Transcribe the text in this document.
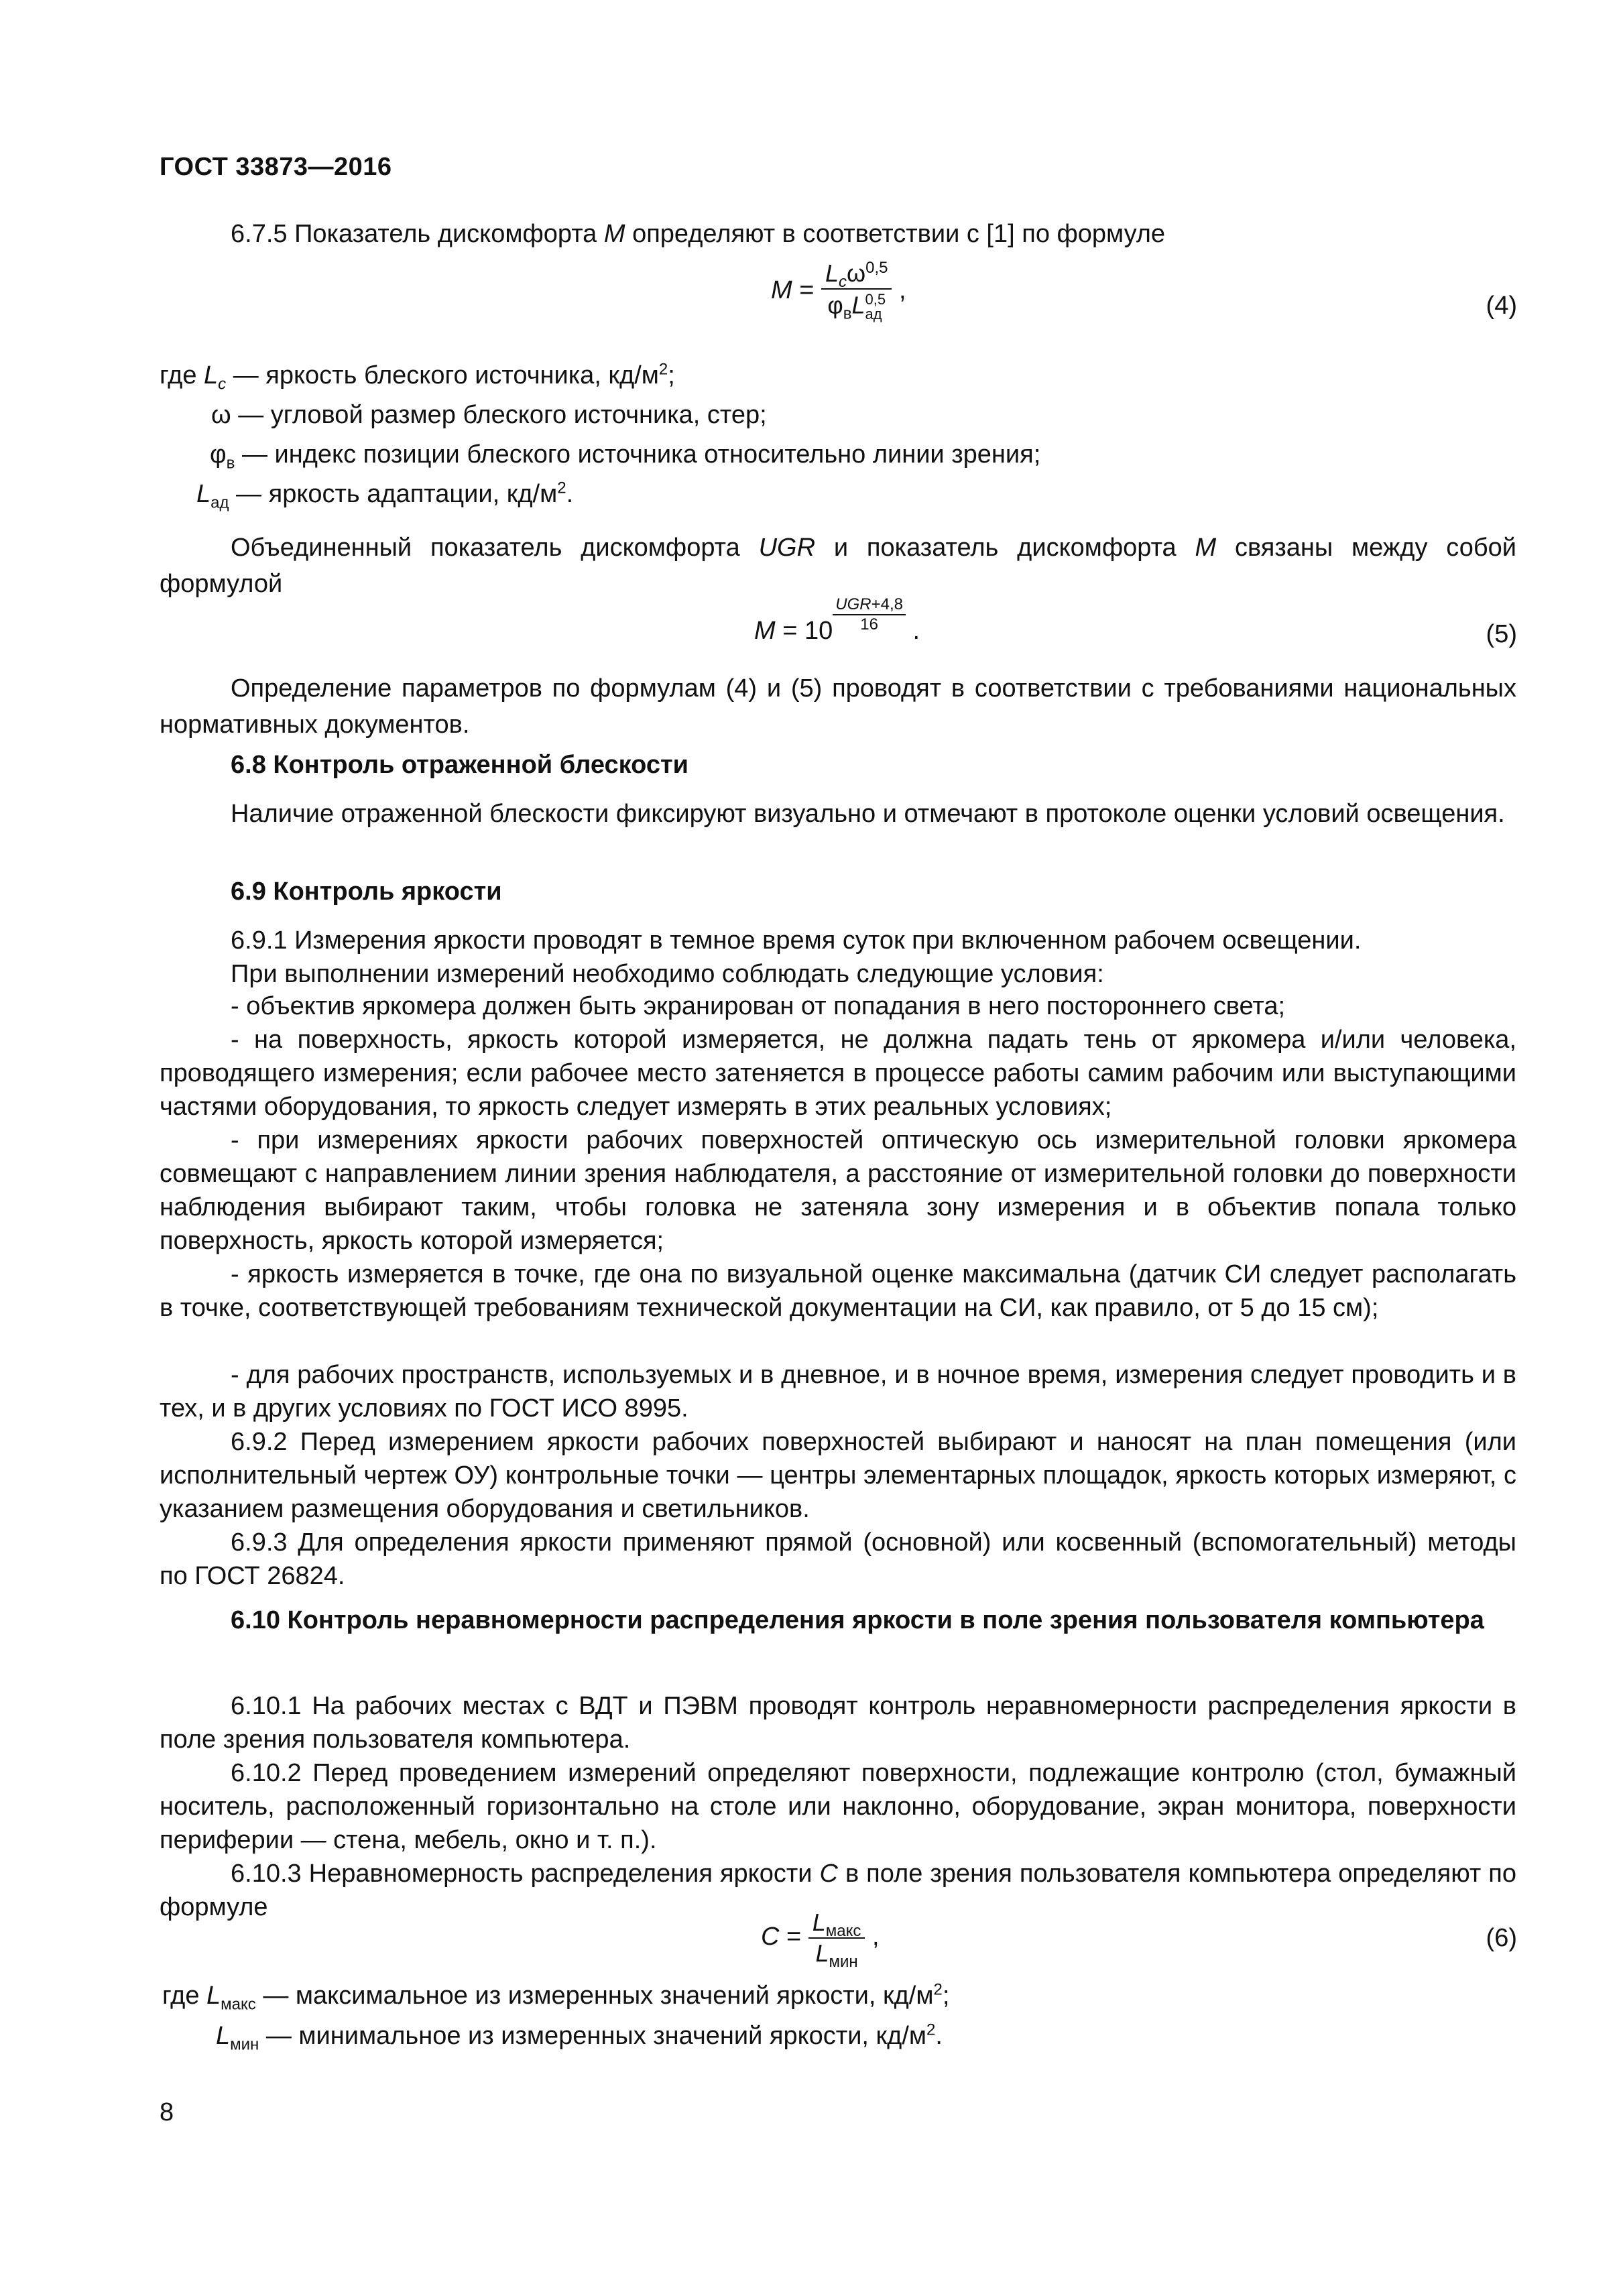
ГОСТ 33873—2016
6.7.5 Показатель дискомфорта M определяют в соответствии с [1] по формуле
$M = L_c\omega^{0,5}$
$\varphi_вL$ 0,5
ад ,
(4)
где $L_c$ — яркость блеского источника, $кд/м^2$;
ω — угловой размер блеского источника, стер;
$\varphi_в$ — индекс позиции блеского источника относительно линии зрения;
$L_{ад}$ — яркость адаптации, $кд/м^2$.
Объединенный показатель дискомфорта UGR и показатель дискомфорта M связаны между собой формулой
$M = 10 \frac{\text{UGR+4,8}}{16}$ .	(5)
Определение параметров по формулам (4) и (5) проводят в соответствии с требованиями национальных нормативных документов.
6.8 Контроль отраженной блескости
Наличие отраженной блескости фиксируют визуально и отмечают в протоколе оценки условий освещения.
6.9 Контроль яркости
6.9.1 Измерения яркости проводят в темное время суток при включенном рабочем освещении.
При выполнении измерений необходимо соблюдать следующие условия:
- объектив яркомера должен быть экранирован от попадания в него постороннего света;
- на поверхность, яркость которой измеряется, не должна падать тень от яркомера и/или человека, проводящего измерения; если рабочее место затеняется в процессе работы самим рабочим или выступающими частями оборудования, то яркость следует измерять в этих реальных условиях;
- при измерениях яркости рабочих поверхностей оптическую ось измерительной головки яркомера совмещают с направлением линии зрения наблюдателя, а расстояние от измерительной головки до поверхности наблюдения выбирают таким, чтобы головка не затеняла зону измерения и в объектив попала только поверхность, яркость которой измеряется;
- яркость измеряется в точке, где она по визуальной оценке максимальна (датчик СИ следует располагать в точке, соответствующей требованиям технической документации на СИ, как правило, от 5 до 15 см);
- для рабочих пространств, используемых и в дневное, и в ночное время, измерения следует проводить и в тех, и в других условиях по ГОСТ ИСО 8995.
6.9.2 Перед измерением яркости рабочих поверхностей выбирают и наносят на план помещения (или исполнительный чертеж ОУ) контрольные точки — центры элементарных площадок, яркость которых измеряют, с указанием размещения оборудования и светильников.
6.9.3 Для определения яркости применяют прямой (основной) или косвенный (вспомогательный) методы по ГОСТ 26824.
6.10 Контроль неравномерности распределения яркости в поле зрения пользователя компьютера
6.10.1 На рабочих местах с ВДТ и ПЭВМ проводят контроль неравномерности распределения яркости в поле зрения пользователя компьютера.
6.10.2 Перед проведением измерений определяют поверхности, подлежащие контролю (стол, бумажный носитель, расположенный горизонтально на столе или наклонно, оборудование, экран монитора, поверхности периферии — стена, мебель, окно и т. п.).
6.10.3 Неравномерность распределения яркости C в поле зрения пользователя компьютера определяют по формуле
$C = \frac{L_{макс}}{L_{мин}}$ ,	(6)
где $L_{макс}$ — максимальное из измеренных значений яркости, $кд/м^2$;
$L_{мин}$ — минимальное из измеренных значений яркости, $кд/м^2$.
8
